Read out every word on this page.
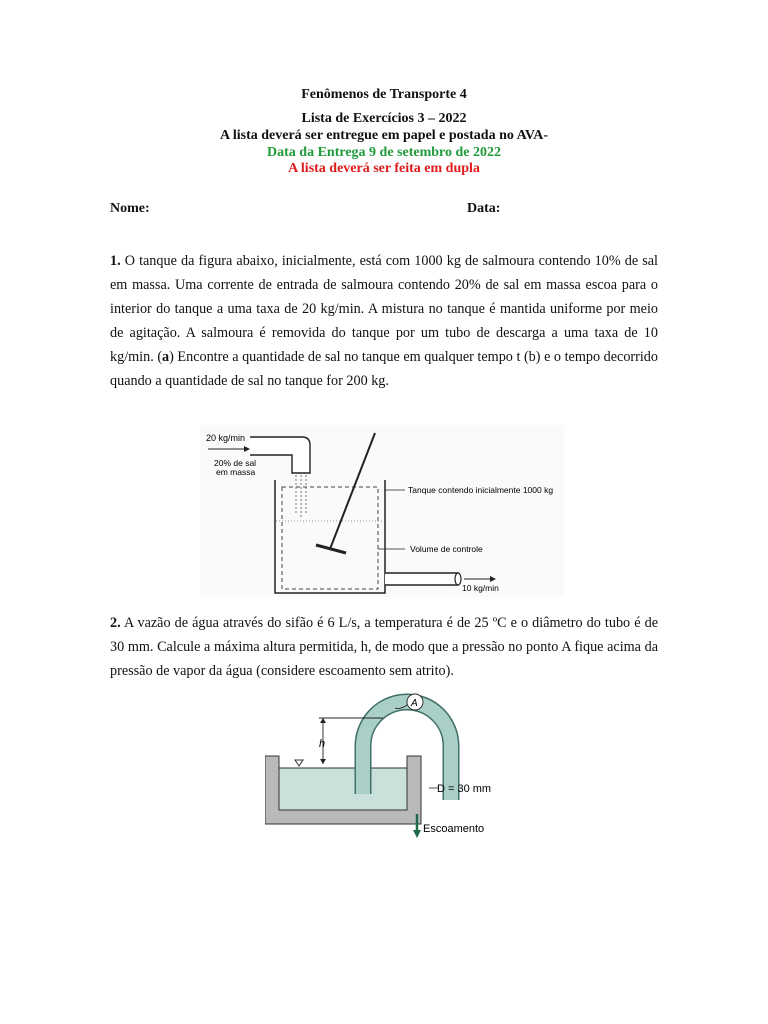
Fenômenos de Transporte 4
Lista de Exercícios 3 – 2022
A lista deverá ser entregue em papel e postada no AVA-
Data da Entrega 9 de setembro de 2022
A lista deverá ser feita em dupla
Nome:	Data:
1. O tanque da figura abaixo, inicialmente, está com 1000 kg de salmoura contendo 10% de sal em massa. Uma corrente de entrada de salmoura contendo 20% de sal em massa escoa para o interior do tanque a uma taxa de 20 kg/min. A mistura no tanque é mantida uniforme por meio de agitação. A salmoura é removida do tanque por um tubo de descarga a uma taxa de 10 kg/min. (a) Encontre a quantidade de sal no tanque em qualquer tempo t (b) e o tempo decorrido quando a quantidade de sal no tanque for 200 kg.
20 kg/min
20% de sal
em massa
Tanque contendo inicialmente 1000 kg
Volume de controle
10 kg/min
2. A vazão de água através do sifão é 6 L/s, a temperatura é de 25 ºC e o diâmetro do tubo é de 30 mm. Calcule a máxima altura permitida, h, de modo que a pressão no ponto A fique acima da pressão de vapor da água (considere escoamento sem atrito).
h
A
D = 30 mm
Escoamento
